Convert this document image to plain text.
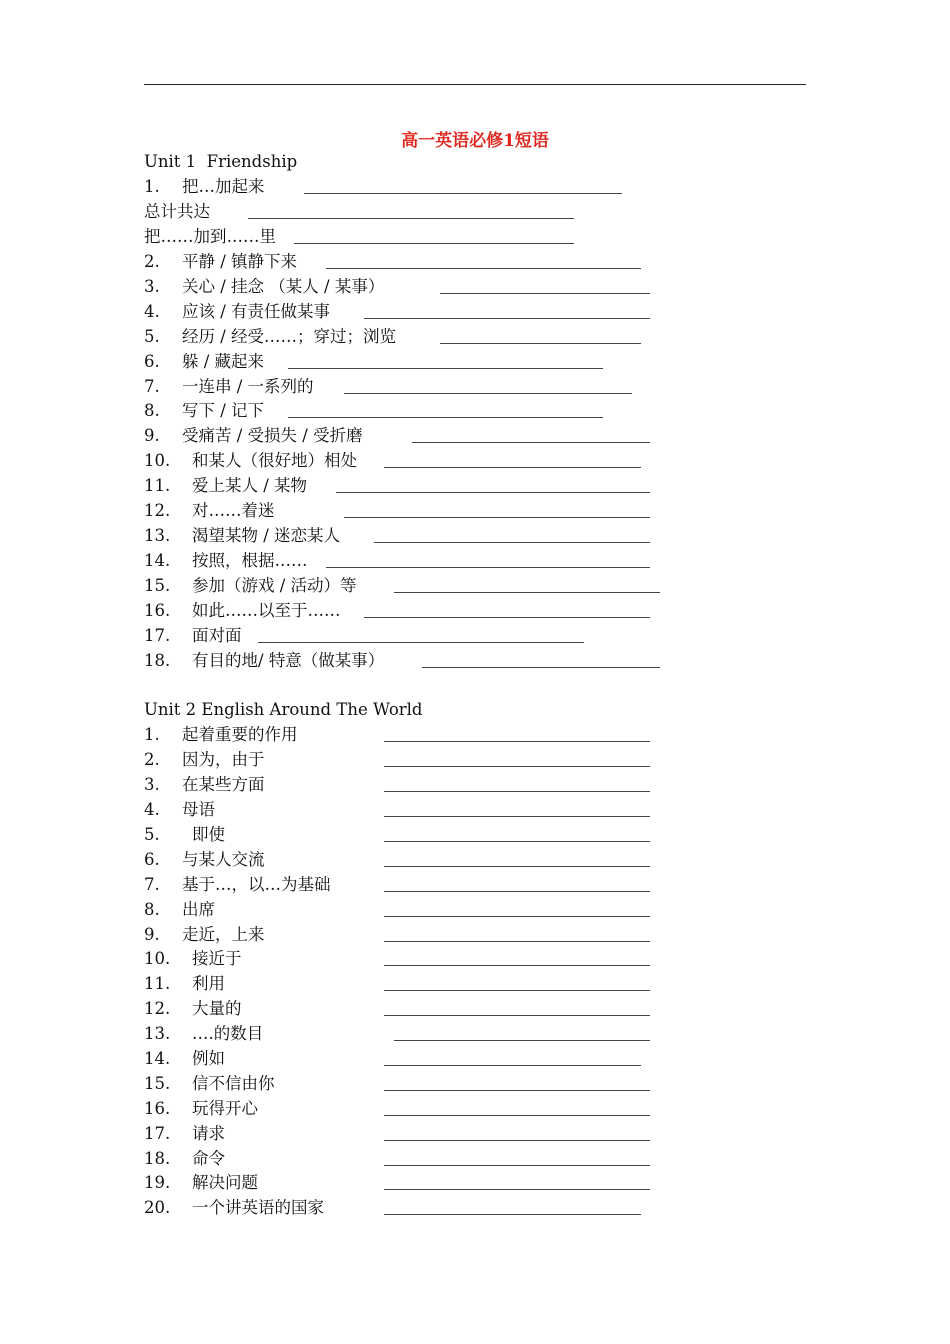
高一英语必修1短语
Unit 1  Friendship
1. 把…加起来
总计共达
把……加到……里
2. 平静 / 镇静下来
3. 关心 / 挂念 （某人 / 某事）
4. 应该 / 有责任做某事
5. 经历 / 经受……；穿过；浏览
6. 躲 / 藏起来
7. 一连串 / 一系列的
8. 写下 / 记下
9. 受痛苦 / 受损失 / 受折磨
10. 和某人（很好地）相处
11. 爱上某人 / 某物
12. 对……着迷
13. 渴望某物 / 迷恋某人
14. 按照，根据……
15. 参加（游戏 / 活动）等
16. 如此……以至于……
17. 面对面
18. 有目的地/ 特意（做某事）
Unit 2 English Around The World
1. 起着重要的作用
2. 因为，由于
3. 在某些方面
4. 母语
5. 即使
6. 与某人交流
7. 基于…，以…为基础
8. 出席
9. 走近，上来
10. 接近于
11. 利用
12. 大量的
13. ….的数目
14. 例如
15. 信不信由你
16. 玩得开心
17. 请求
18. 命令
19. 解决问题
20. 一个讲英语的国家
